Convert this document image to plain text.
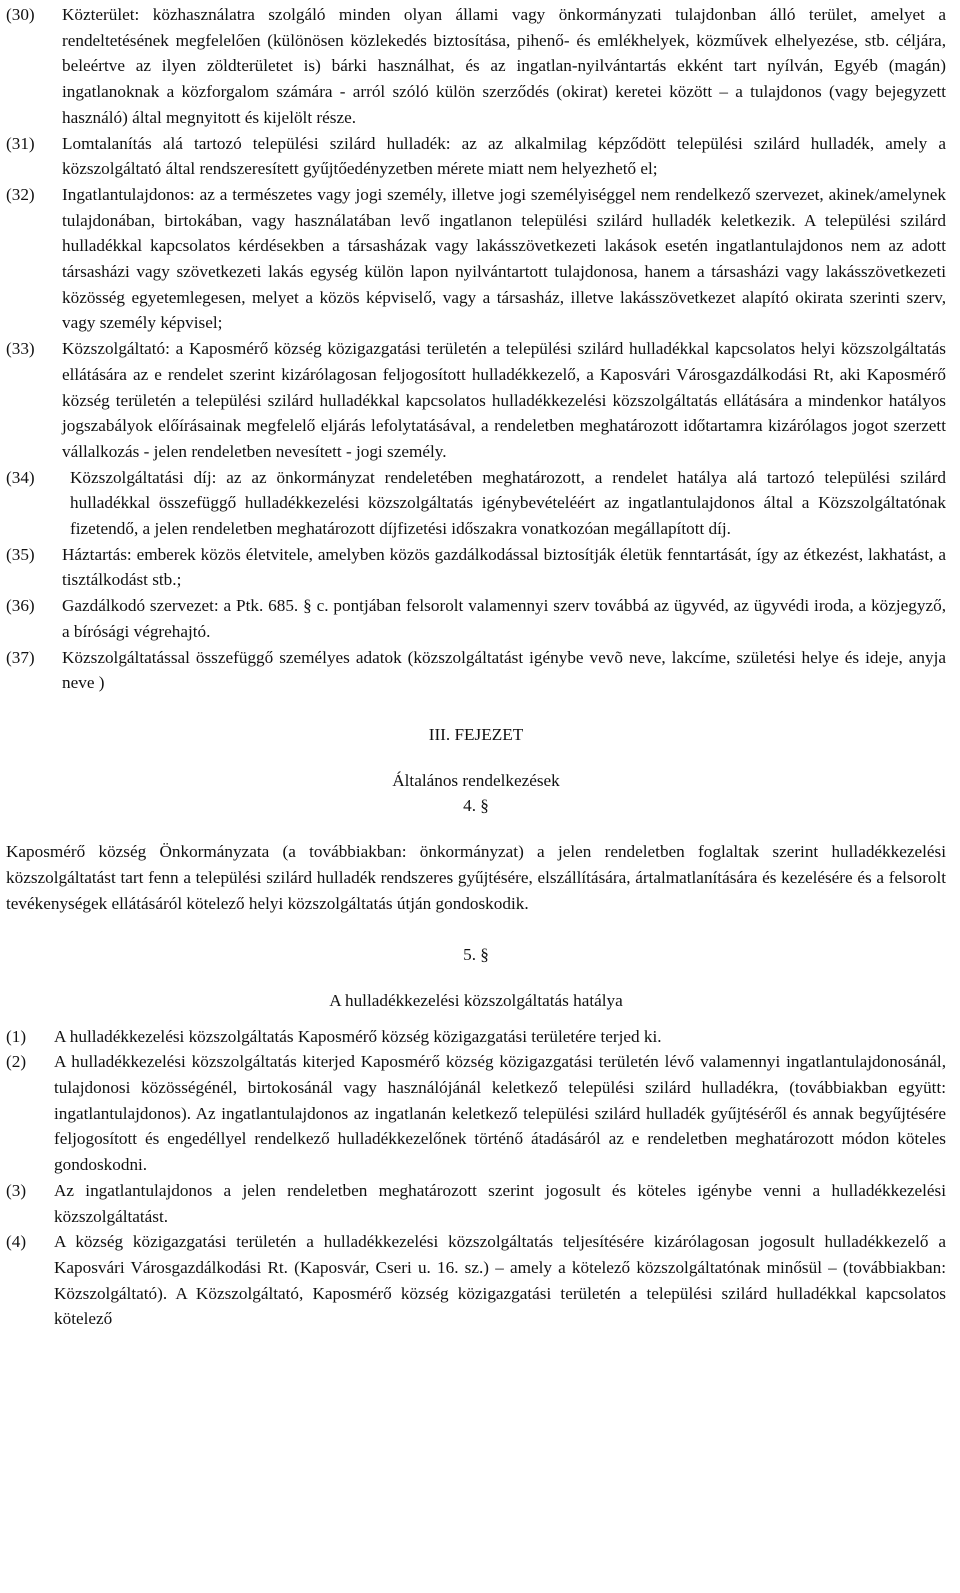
(30)	Közterület: közhasználatra szolgáló minden olyan állami vagy önkormányzati tulajdonban álló terület, amelyet a rendeltetésének megfelelően (különösen közlekedés biztosítása, pihenő- és emlékhelyek, közművek elhelyezése, stb. céljára, beleértve az ilyen zöldterületet is) bárki használhat, és az ingatlan-nyilvántartás ekként tart nyílván, Egyéb (magán) ingatlanoknak a közforgalom számára - arról szóló külön szerződés (okirat) keretei között – a tulajdonos (vagy bejegyzett használó) által megnyitott és kijelölt része.
(31)	Lomtalanítás alá tartozó települési szilárd hulladék: az az alkalmilag képződött települési szilárd hulladék, amely a közszolgáltató által rendszeresített gyűjtőedényzetben mérete miatt nem helyezhető el;
(32)	Ingatlantulajdonos: az a természetes vagy jogi személy, illetve jogi személyiséggel nem rendelkező szervezet, akinek/amelynek tulajdonában, birtokában, vagy használatában levő ingatlanon települési szilárd hulladék keletkezik. A települési szilárd hulladékkal kapcsolatos kérdésekben a társasházak vagy lakásszövetkezeti lakások esetén ingatlantulajdonos nem az adott társasházi vagy szövetkezeti lakás egység külön lapon nyilvántartott tulajdonosa, hanem a társasházi vagy lakásszövetkezeti közösség egyetemlegesen, melyet a közös képviselő, vagy a társasház, illetve lakásszövetkezet alapító okirata szerinti szerv, vagy személy képvisel;
(33)	Közszolgáltató: a Kaposmérő község közigazgatási területén a települési szilárd hulladékkal kapcsolatos helyi közszolgáltatás ellátására az e rendelet szerint kizárólagosan feljogosított hulladékkezelő, a Kaposvári Városgazdálkodási Rt, aki Kaposmérő község területén a települési szilárd hulladékkal kapcsolatos hulladékkezelési közszolgáltatás ellátására a mindenkor hatályos jogszabályok előírásainak megfelelő eljárás lefolytatásával, a rendeletben meghatározott időtartamra kizárólagos jogot szerzett vállalkozás - jelen rendeletben nevesített - jogi személy.
(34)	Közszolgáltatási díj: az az önkormányzat rendeletében meghatározott, a rendelet hatálya alá tartozó települési szilárd hulladékkal összefüggő hulladékkezelési közszolgáltatás igénybevételéért az ingatlantulajdonos által a Közszolgáltatónak fizetendő, a jelen rendeletben meghatározott díjfizetési időszakra vonatkozóan megállapított díj.
(35)	Háztartás: emberek közös életvitele, amelyben közös gazdálkodással biztosítják életük fenntartását, így az étkezést, lakhatást, a tisztálkodást stb.;
(36)	Gazdálkodó szervezet: a Ptk. 685. § c. pontjában felsorolt valamennyi szerv továbbá az ügyvéd, az ügyvédi iroda, a közjegyző, a bírósági végrehajtó.
(37)	Közszolgáltatással összefüggő személyes adatok (közszolgáltatást igénybe vevõ neve, lakcíme, születési helye és ideje, anyja neve )

III. FEJEZET

Általános rendelkezések

4. §

Kaposmérő község Önkormányzata (a továbbiakban: önkormányzat) a jelen rendeletben foglaltak szerint hulladékkezelési közszolgáltatást tart fenn a települési szilárd hulladék rendszeres gyűjtésére, elszállítására, ártalmatlanítására és kezelésére és a felsorolt tevékenységek ellátásáról kötelező helyi közszolgáltatás útján gondoskodik.

5. §

A hulladékkezelési közszolgáltatás hatálya

(1)	A hulladékkezelési közszolgáltatás Kaposmérő község közigazgatási területére terjed ki.
(2)	A hulladékkezelési közszolgáltatás kiterjed Kaposmérő község közigazgatási területén lévő valamennyi ingatlantulajdonosánál, tulajdonosi közösségénél, birtokosánál vagy használójánál keletkező települési szilárd hulladékra, (továbbiakban együtt: ingatlantulajdonos). Az ingatlantulajdonos az ingatlanán keletkező települési szilárd hulladék gyűjtéséről és annak begyűjtésére feljogosított és engedéllyel rendelkező hulladékkezelőnek történő átadásáról az e rendeletben meghatározott módon köteles gondoskodni.
(3)	Az ingatlantulajdonos a jelen rendeletben meghatározott szerint jogosult és köteles igénybe venni a hulladékkezelési közszolgáltatást.
(4)	A község közigazgatási területén a hulladékkezelési közszolgáltatás teljesítésére kizárólagosan jogosult hulladékkezelő a Kaposvári Városgazdálkodási Rt. (Kaposvár, Cseri u. 16. sz.) – amely a kötelező közszolgáltatónak minősül – (továbbiakban: Közszolgáltató). A Közszolgáltató, Kaposmérő község közigazgatási területén a települési szilárd hulladékkal kapcsolatos kötelező
